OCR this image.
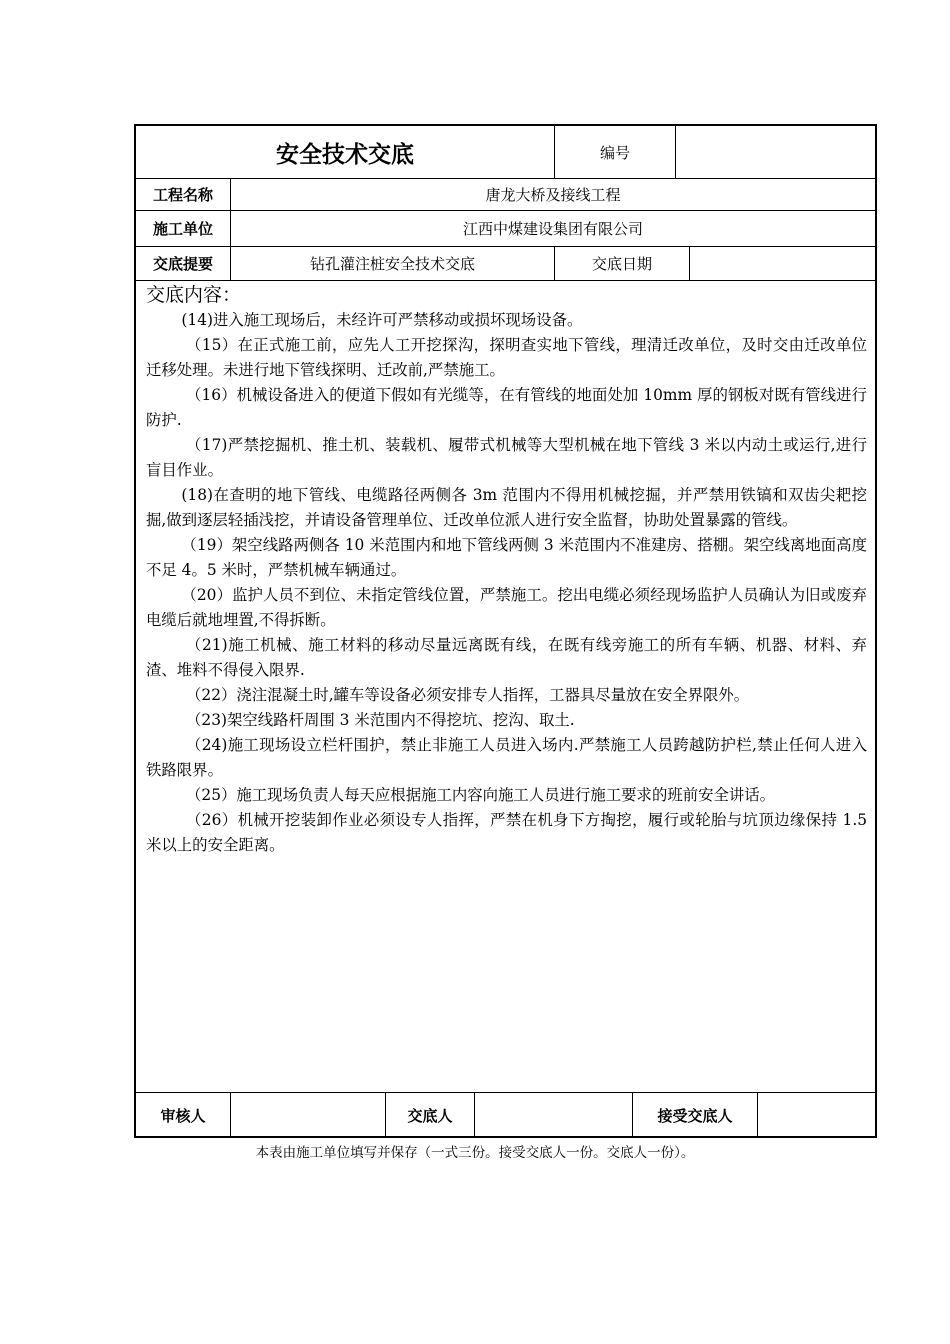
安全技术交底	编号
工程名称	唐龙大桥及接线工程
施工单位	江西中煤建设集团有限公司
交底提要	钻孔灌注桩安全技术交底	交底日期
交底内容：

(14)进入施工现场后，未经许可严禁移动或损坏现场设备。

（15）在正式施工前，应先人工开挖探沟，探明查实地下管线，理清迁改单位，及时交由迁改单位迁移处理。未进行地下管线探明、迁改前,严禁施工。

（16）机械设备进入的便道下假如有光缆等，在有管线的地面处加 10mm 厚的钢板对既有管线进行防护.

（17)严禁挖掘机、推土机、装载机、履带式机械等大型机械在地下管线 3 米以内动土或运行,进行盲目作业。

(18)在查明的地下管线、电缆路径两侧各 3m 范围内不得用机械挖掘，并严禁用铁镐和双齿尖耙挖掘,做到逐层轻插浅挖，并请设备管理单位、迁改单位派人进行安全监督，协助处置暴露的管线。

（19）架空线路两侧各 10 米范围内和地下管线两侧 3 米范围内不准建房、搭棚。架空线离地面高度不足 4。5 米时，严禁机械车辆通过。

（20）监护人员不到位、未指定管线位置，严禁施工。挖出电缆必须经现场监护人员确认为旧或废弃电缆后就地埋置,不得拆断。

（21)施工机械、施工材料的移动尽量远离既有线，在既有线旁施工的所有车辆、机器、材料、弃渣、堆料不得侵入限界.

（22）浇注混凝土时,罐车等设备必须安排专人指挥，工器具尽量放在安全界限外。

（23)架空线路杆周围 3 米范围内不得挖坑、挖沟、取土.

（24)施工现场设立栏杆围护，禁止非施工人员进入场内.严禁施工人员跨越防护栏,禁止任何人进入铁路限界。

（25）施工现场负责人每天应根据施工内容向施工人员进行施工要求的班前安全讲话。

（26）机械开挖装卸作业必须设专人指挥，严禁在机身下方掏挖，履行或轮胎与坑顶边缘保持 1.5 米以上的安全距离。

审核人	交底人	接受交底人
本表由施工单位填写并保存（一式三份。接受交底人一份。交底人一份）。
